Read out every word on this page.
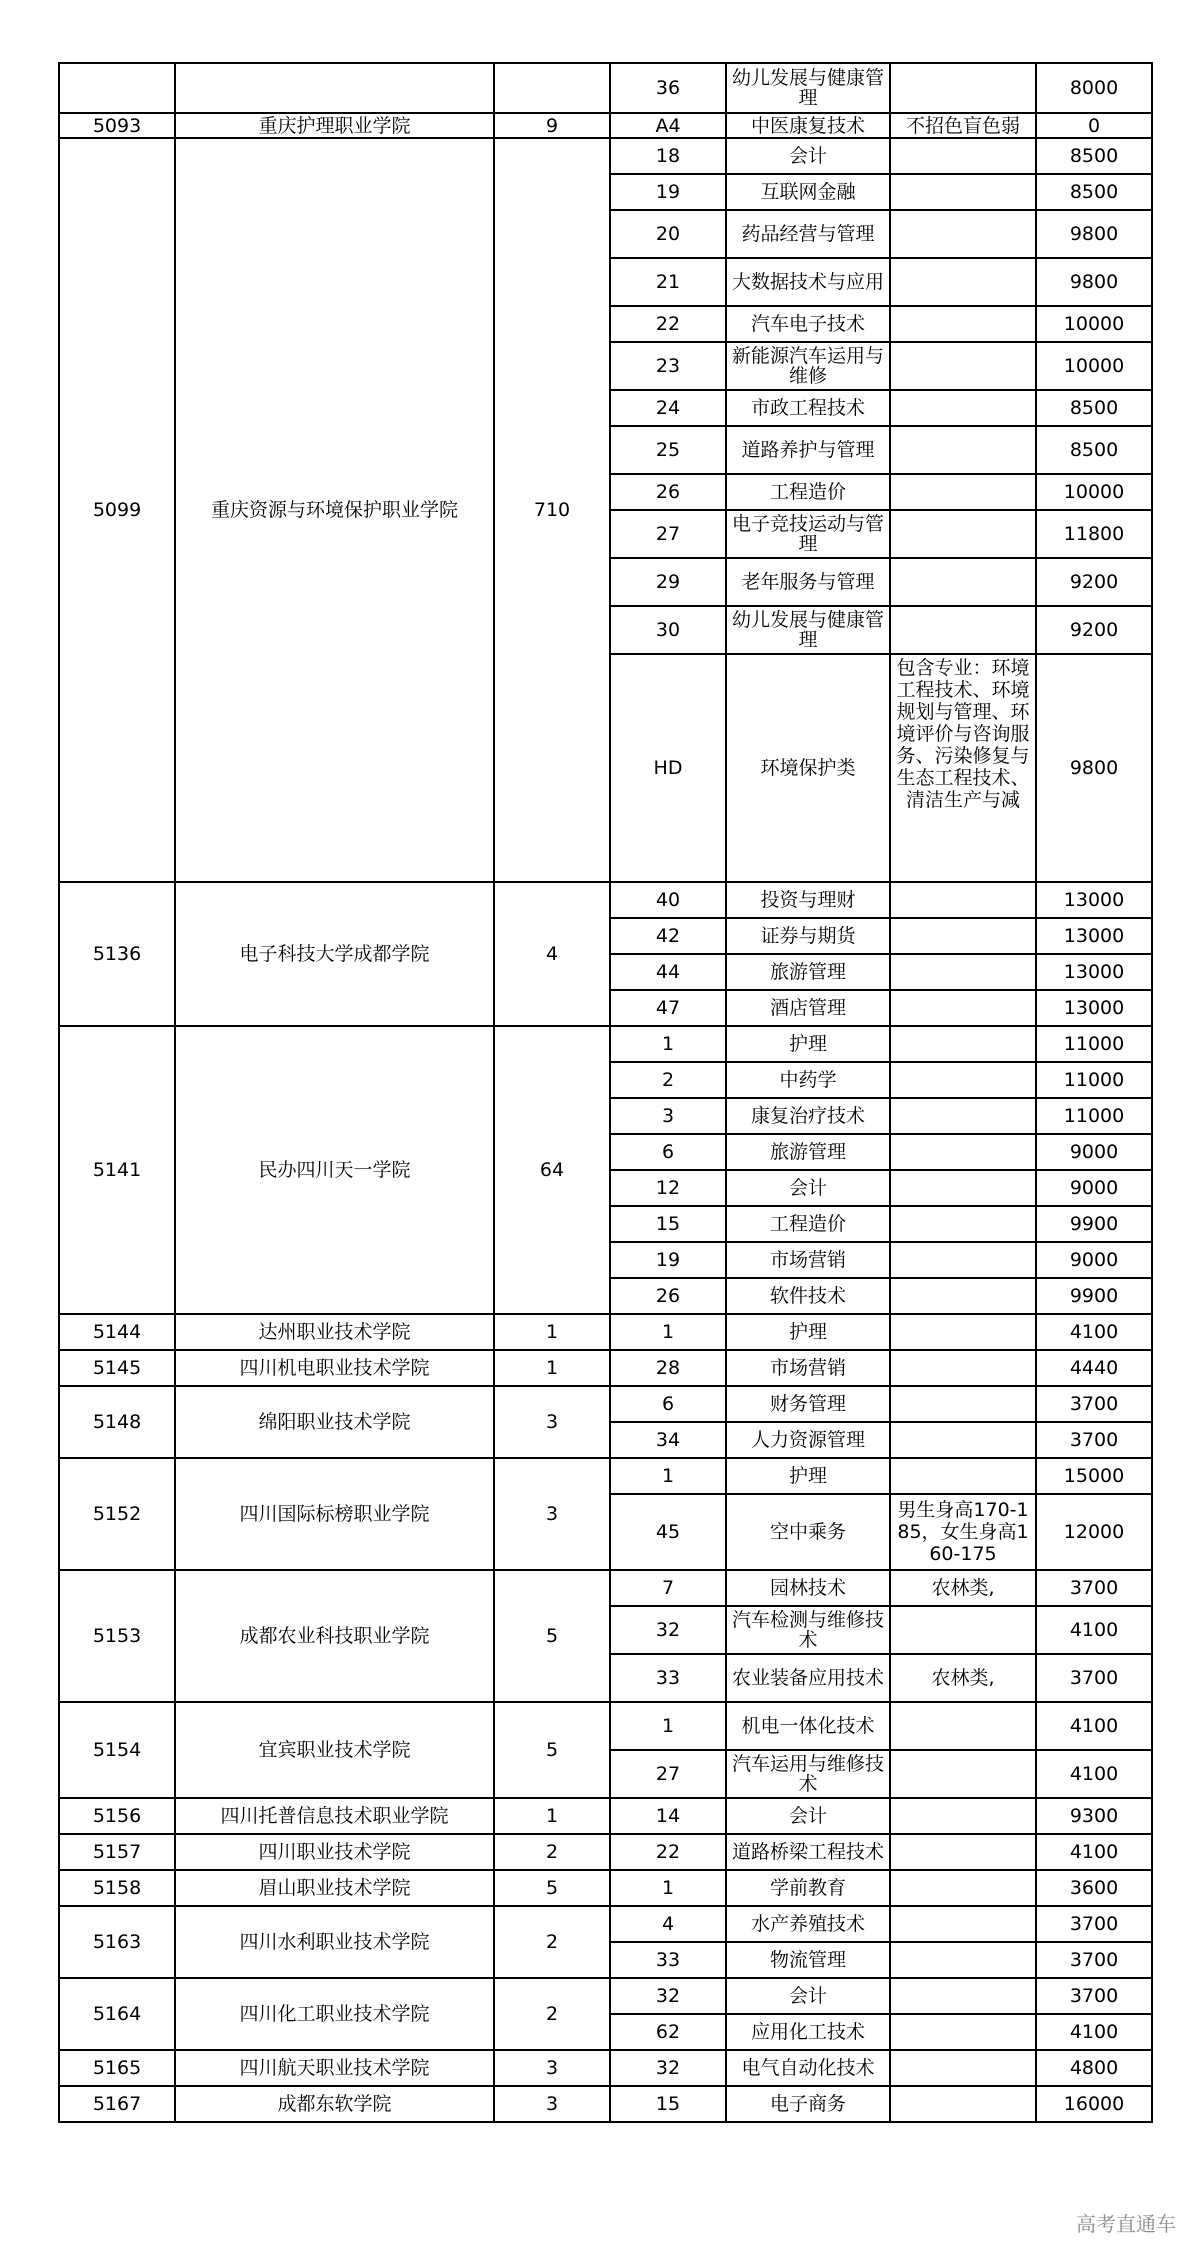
			36	幼儿发展与健康管理		8000
5093	重庆护理职业学院	9	A4	中医康复技术	不招色盲色弱	0
5099	重庆资源与环境保护职业学院	710	18	会计		8500
			19	互联网金融		8500
			20	药品经营与管理		9800
			21	大数据技术与应用		9800
			22	汽车电子技术		10000
			23	新能源汽车运用与维修		10000
			24	市政工程技术		8500
			25	道路养护与管理		8500
			26	工程造价		10000
			27	电子竞技运动与管理		11800
			29	老年服务与管理		9200
			30	幼儿发展与健康管理		9200
			HD	环境保护类	包含专业：环境工程技术、环境规划与管理、环境评价与咨询服务、污染修复与生态工程技术、清洁生产与减	9800
5136	电子科技大学成都学院	4	40	投资与理财		13000
			42	证券与期货		13000
			44	旅游管理		13000
			47	酒店管理		13000
5141	民办四川天一学院	64	1	护理		11000
			2	中药学		11000
			3	康复治疗技术		11000
			6	旅游管理		9000
			12	会计		9000
			15	工程造价		9900
			19	市场营销		9000
			26	软件技术		9900
5144	达州职业技术学院	1	1	护理		4100
5145	四川机电职业技术学院	1	28	市场营销		4440
5148	绵阳职业技术学院	3	6	财务管理		3700
			34	人力资源管理		3700
5152	四川国际标榜职业学院	3	1	护理		15000
			45	空中乘务	男生身高170-185，女生身高160-175	12000
5153	成都农业科技职业学院	5	7	园林技术	农林类,	3700
			32	汽车检测与维修技术		4100
			33	农业装备应用技术	农林类,	3700
5154	宜宾职业技术学院	5	1	机电一体化技术		4100
			27	汽车运用与维修技术		4100
5156	四川托普信息技术职业学院	1	14	会计		9300
5157	四川职业技术学院	2	22	道路桥梁工程技术		4100
5158	眉山职业技术学院	5	1	学前教育		3600
5163	四川水利职业技术学院	2	4	水产养殖技术		3700
			33	物流管理		3700
5164	四川化工职业技术学院	2	32	会计		3700
			62	应用化工技术		4100
5165	四川航天职业技术学院	3	32	电气自动化技术		4800
5167	成都东软学院	3	15	电子商务		16000
高考直通车
